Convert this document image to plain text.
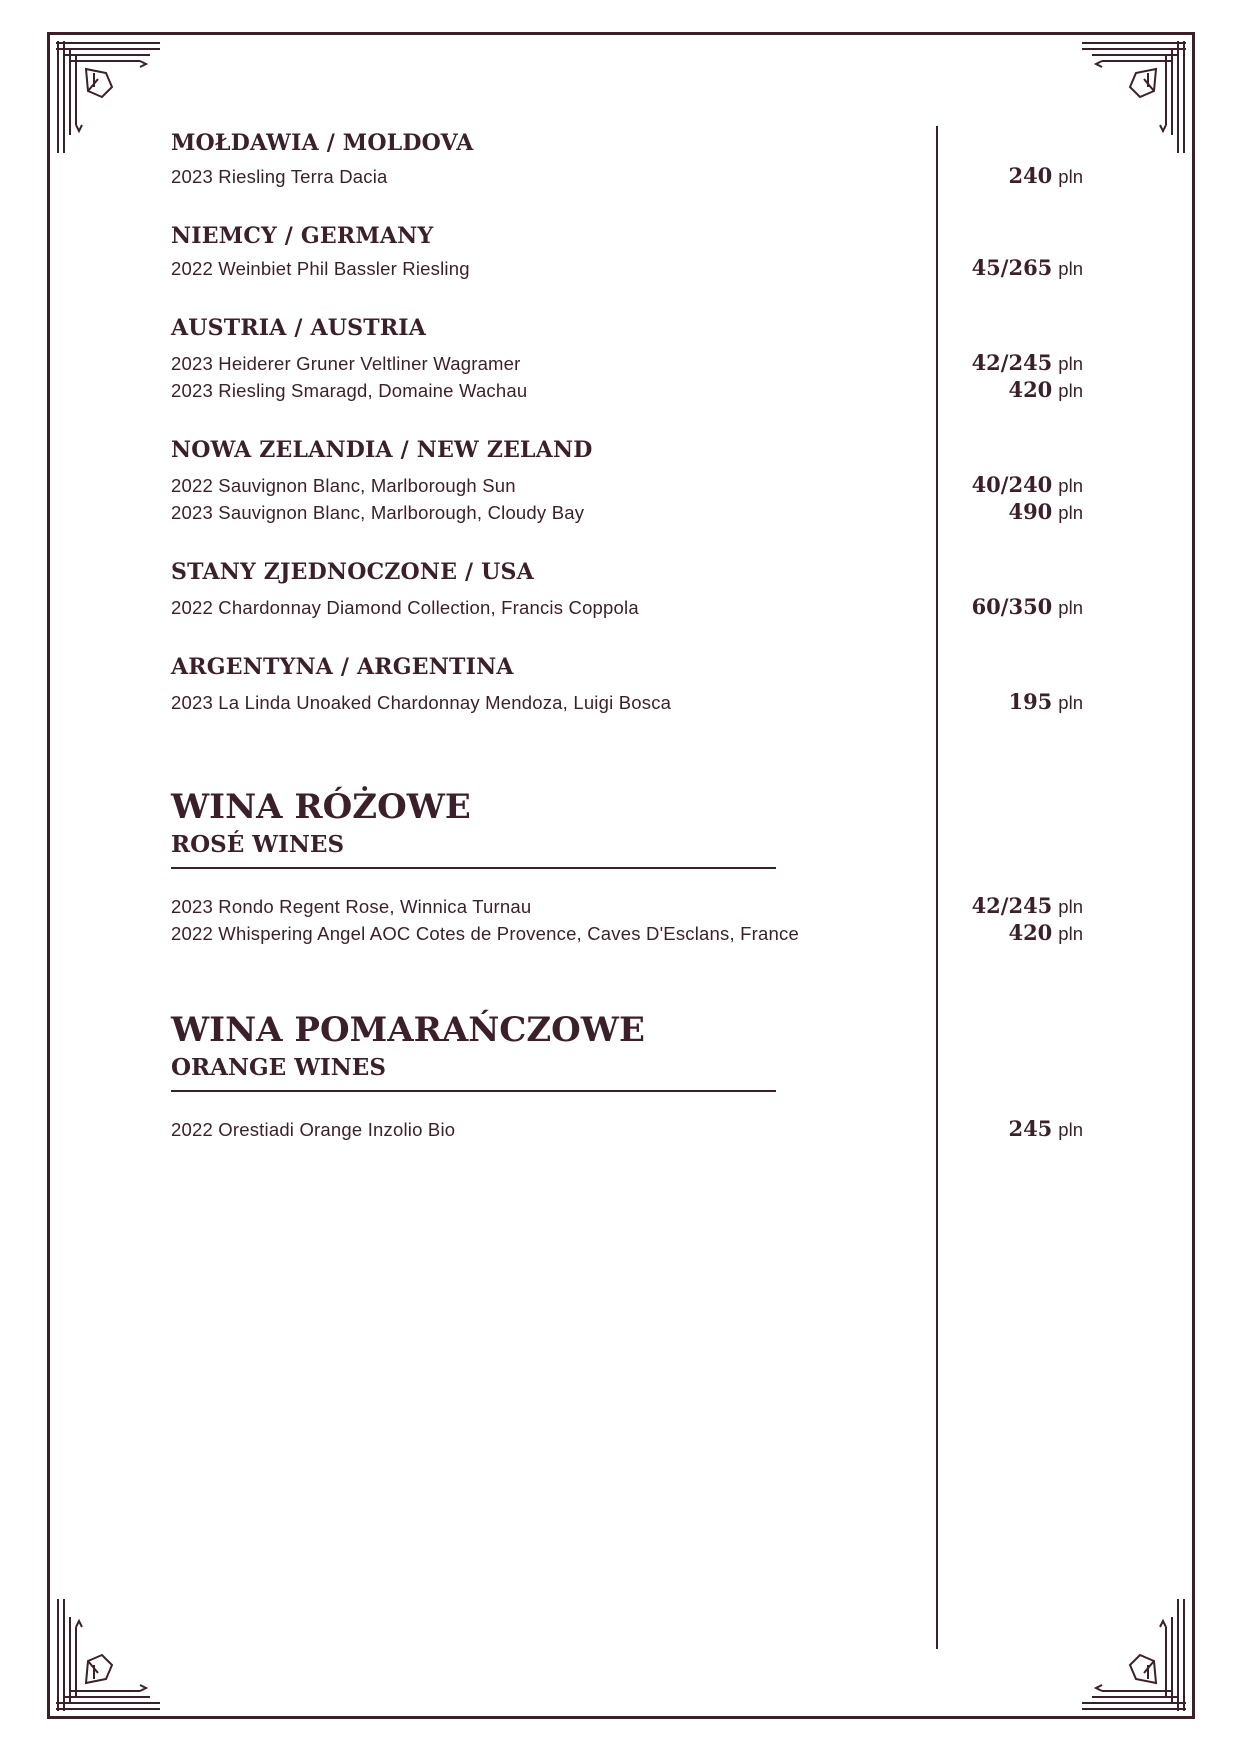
MOŁDAWIA / MOLDOVA
2023 Riesling Terra Dacia	240 pln
NIEMCY / GERMANY
2022 Weinbiet Phil Bassler Riesling	45/265 pln
AUSTRIA / AUSTRIA
2023 Heiderer Gruner Veltliner Wagramer	42/245 pln
2023 Riesling Smaragd, Domaine Wachau	420 pln
NOWA ZELANDIA / NEW ZELAND
2022 Sauvignon Blanc, Marlborough Sun	40/240 pln
2023 Sauvignon Blanc, Marlborough, Cloudy Bay	490 pln
STANY ZJEDNOCZONE / USA
2022 Chardonnay Diamond Collection, Francis Coppola	60/350 pln
ARGENTYNA / ARGENTINA
2023 La Linda Unoaked Chardonnay Mendoza, Luigi Bosca	195 pln
WINA RÓŻOWE
ROSÉ WINES
2023 Rondo Regent Rose, Winnica Turnau	42/245 pln
2022 Whispering Angel AOC Cotes de Provence, Caves D'Esclans, France	420 pln
WINA POMARAŃCZOWE
ORANGE WINES
2022 Orestiadi Orange Inzolio Bio	245 pln
